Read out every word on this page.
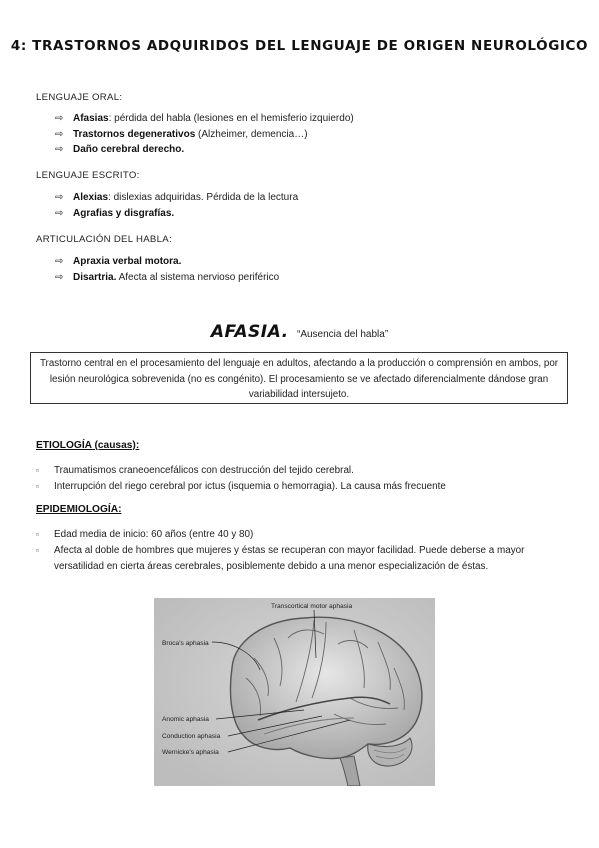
4: TRASTORNOS ADQUIRIDOS DEL LENGUAJE DE ORIGEN NEUROLÓGICO
LENGUAJE ORAL:
⇨ Afasias: pérdida del habla (lesiones en el hemisferio izquierdo)
⇨ Trastornos degenerativos (Alzheimer, demencia…)
⇨ Daño cerebral derecho.
LENGUAJE ESCRITO:
⇨ Alexias: dislexias adquiridas. Pérdida de la lectura
⇨ Agrafias y disgrafías.
ARTICULACIÓN DEL HABLA:
⇨ Apraxia verbal motora.
⇨ Disartria. Afecta al sistema nervioso periférico
AFASIA. “Ausencia del habla”
Trastorno central en el procesamiento del lenguaje en adultos, afectando a la producción o comprensión en ambos, por lesión neurológica sobrevenida (no es congénito). El procesamiento se ve afectado diferencialmente dándose gran variabilidad intersujeto.
ETIOLOGÍA (causas):
▫ Traumatismos craneoencefálicos con destrucción del tejido cerebral.
▫ Interrupción del riego cerebral por ictus (isquemia o hemorragia). La causa más frecuente
EPIDEMIOLOGÍA:
▫ Edad media de inicio: 60 años (entre 40 y 80)
▫ Afecta al doble de hombres que mujeres y éstas se recuperan con mayor facilidad. Puede deberse a mayor versatilidad en cierta áreas cerebrales, posiblemente debido a una menor especialización de éstas.
Transcortical motor aphasia
Broca's aphasia
Anomic aphasia
Conduction aphasia
Wernicke's aphasia
